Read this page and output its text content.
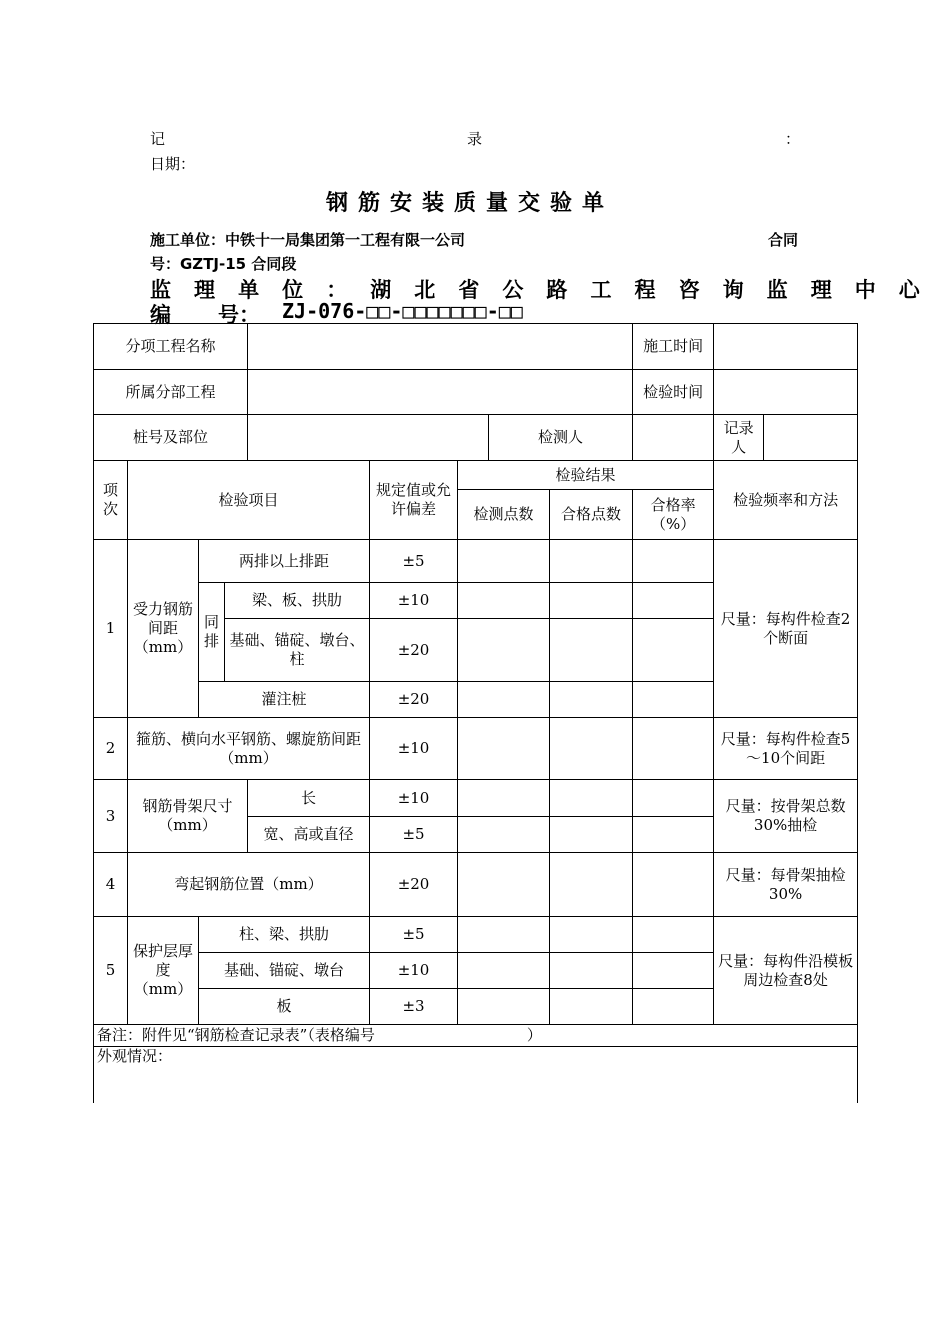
记	录	：
日期：
钢筋安装质量交验单
施工单位：中铁十一局集团第一工程有限一公司	合同
号：GZTJ-15 合同段
监 理 单 位 ： 湖 北 省 公 路 工 程 咨 询 监 理 中 心
编 号： ZJ-076-□□-□□□□□□□-□□
分项工程名称									施工时间		
所属分部工程									检验时间		
桩号及部位							检测人			记录人	
项次	检验项目				规定值或允许偏差	检验结果				检验频率和方法	
						检测点数		合格点数	合格率（%）		
1	受力钢筋间距（mm）	两排以上排距			±5					尺量：每构件检查2个断面	
		同排	梁、板、拱肋		±10						
			基础、锚碇、墩台、柱		±20						
		灌注桩			±20						
2	箍筋、横向水平钢筋、螺旋筋间距（mm）				±10					尺量：每构件检查5～10个间距	
3	钢筋骨架尺寸（mm）			长	±10					尺量：按骨架总数30%抽检	
				宽、高或直径	±5						
4	弯起钢筋位置（mm）				±20					尺量：每骨架抽检30%	
5	保护层厚度（mm）	柱、梁、拱肋			±5					尺量：每构件沿模板周边检查8处	
		基础、锚碇、墩台			±10						
		板			±3						
备注：附件见“钢筋检查记录表”（表格编号 ）											
外观情况：											
